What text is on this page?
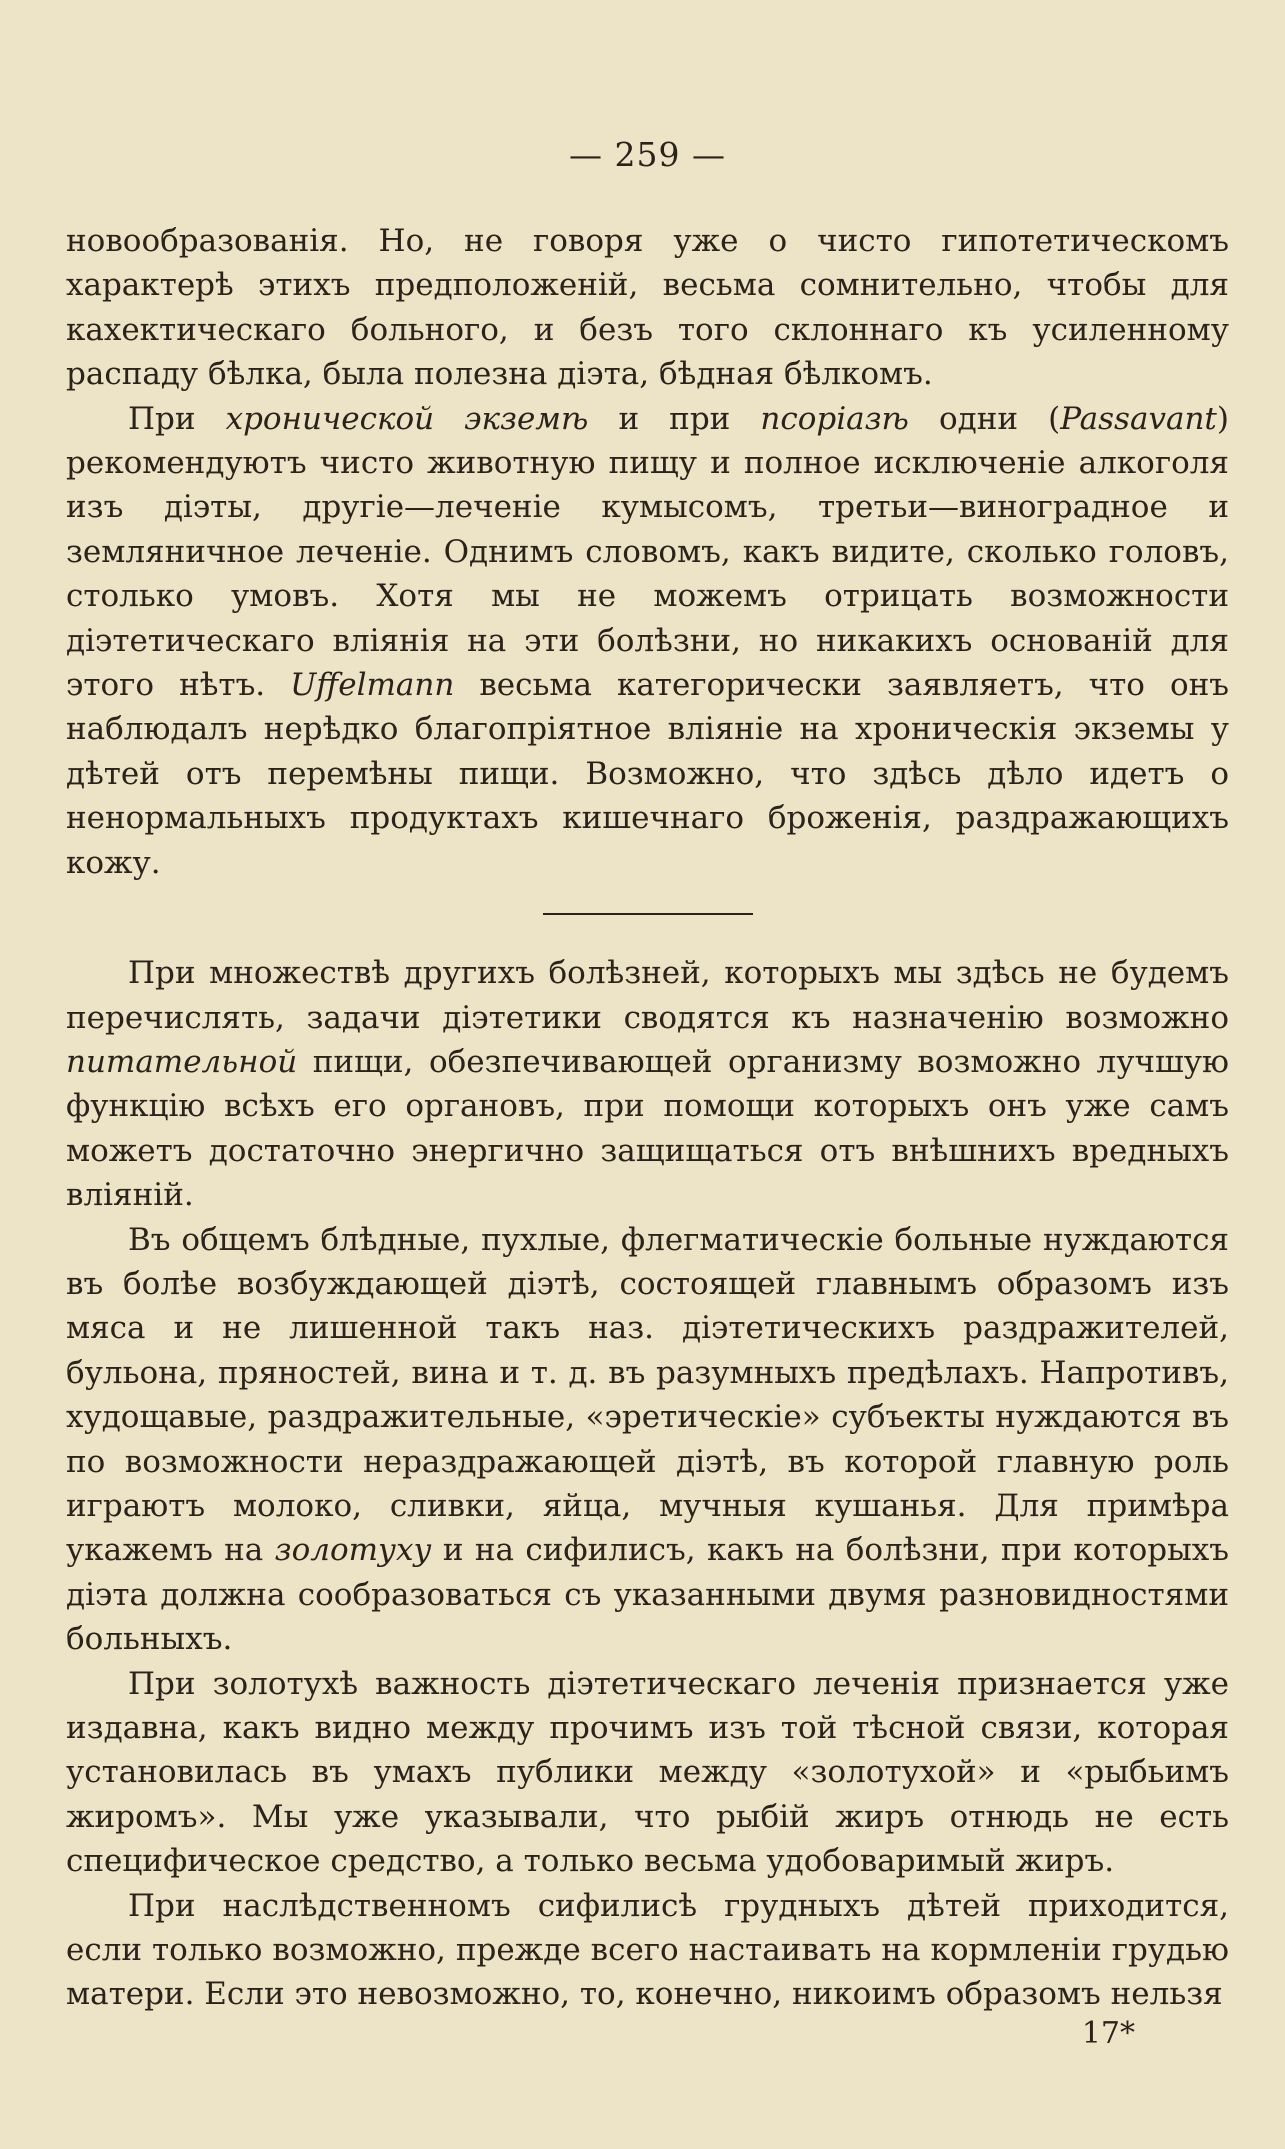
— 259 —
новообразованія. Но, не говоря уже о чисто гипотетическомъ характерѣ этихъ предположеній, весьма сомнительно, чтобы для кахектическаго больного, и безъ того склоннаго къ усиленному распаду бѣлка, была полезна діэта, бѣдная бѣлкомъ.
При хронической экземѣ и при псоріазѣ одни (Passavant) рекомендуютъ чисто животную пищу и полное исключеніе алкоголя изъ діэты, другіе—леченіе кумысомъ, третьи—виноградное и земляничное леченіе. Однимъ словомъ, какъ видите, сколько головъ, столько умовъ. Хотя мы не можемъ отрицать возможности діэтетическаго вліянія на эти болѣзни, но никакихъ основаній для этого нѣтъ. Uffelmann весьма категорически заявляетъ, что онъ наблюдалъ нерѣдко благопріятное вліяніе на хроническія экземы у дѣтей отъ перемѣны пищи. Возможно, что здѣсь дѣло идетъ о ненормальныхъ продуктахъ кишечнаго броженія, раздражающихъ кожу.
При множествѣ другихъ болѣзней, которыхъ мы здѣсь не будемъ перечислять, задачи діэтетики сводятся къ назначенію возможно питательной пищи, обезпечивающей организму возможно лучшую функцію всѣхъ его органовъ, при помощи которыхъ онъ уже самъ можетъ достаточно энергично защищаться отъ внѣшнихъ вредныхъ вліяній.
Въ общемъ блѣдные, пухлые, флегматическіе больные нуждаются въ болѣе возбуждающей діэтѣ, состоящей главнымъ образомъ изъ мяса и не лишенной такъ наз. діэтетическихъ раздражителей, бульона, пряностей, вина и т. д. въ разумныхъ предѣлахъ. Напротивъ, худощавые, раздражительные, «эретическіе» субъекты нуждаются въ по возможности нераздражающей діэтѣ, въ которой главную роль играютъ молоко, сливки, яйца, мучныя кушанья. Для примѣра укажемъ на золотуху и на сифилисъ, какъ на болѣзни, при которыхъ діэта должна сообразоваться съ указанными двумя разновидностями больныхъ.
При золотухѣ важность діэтетическаго леченія признается уже издавна, какъ видно между прочимъ изъ той тѣсной связи, которая установилась въ умахъ публики между «золотухой» и «рыбьимъ жиромъ». Мы уже указывали, что рыбій жиръ отнюдь не есть специфическое средство, а только весьма удобоваримый жиръ.
При наслѣдственномъ сифилисѣ грудныхъ дѣтей приходится, если только возможно, прежде всего настаивать на кормленіи грудью матери. Если это невозможно, то, конечно, никоимъ образомъ нельзя
17*
